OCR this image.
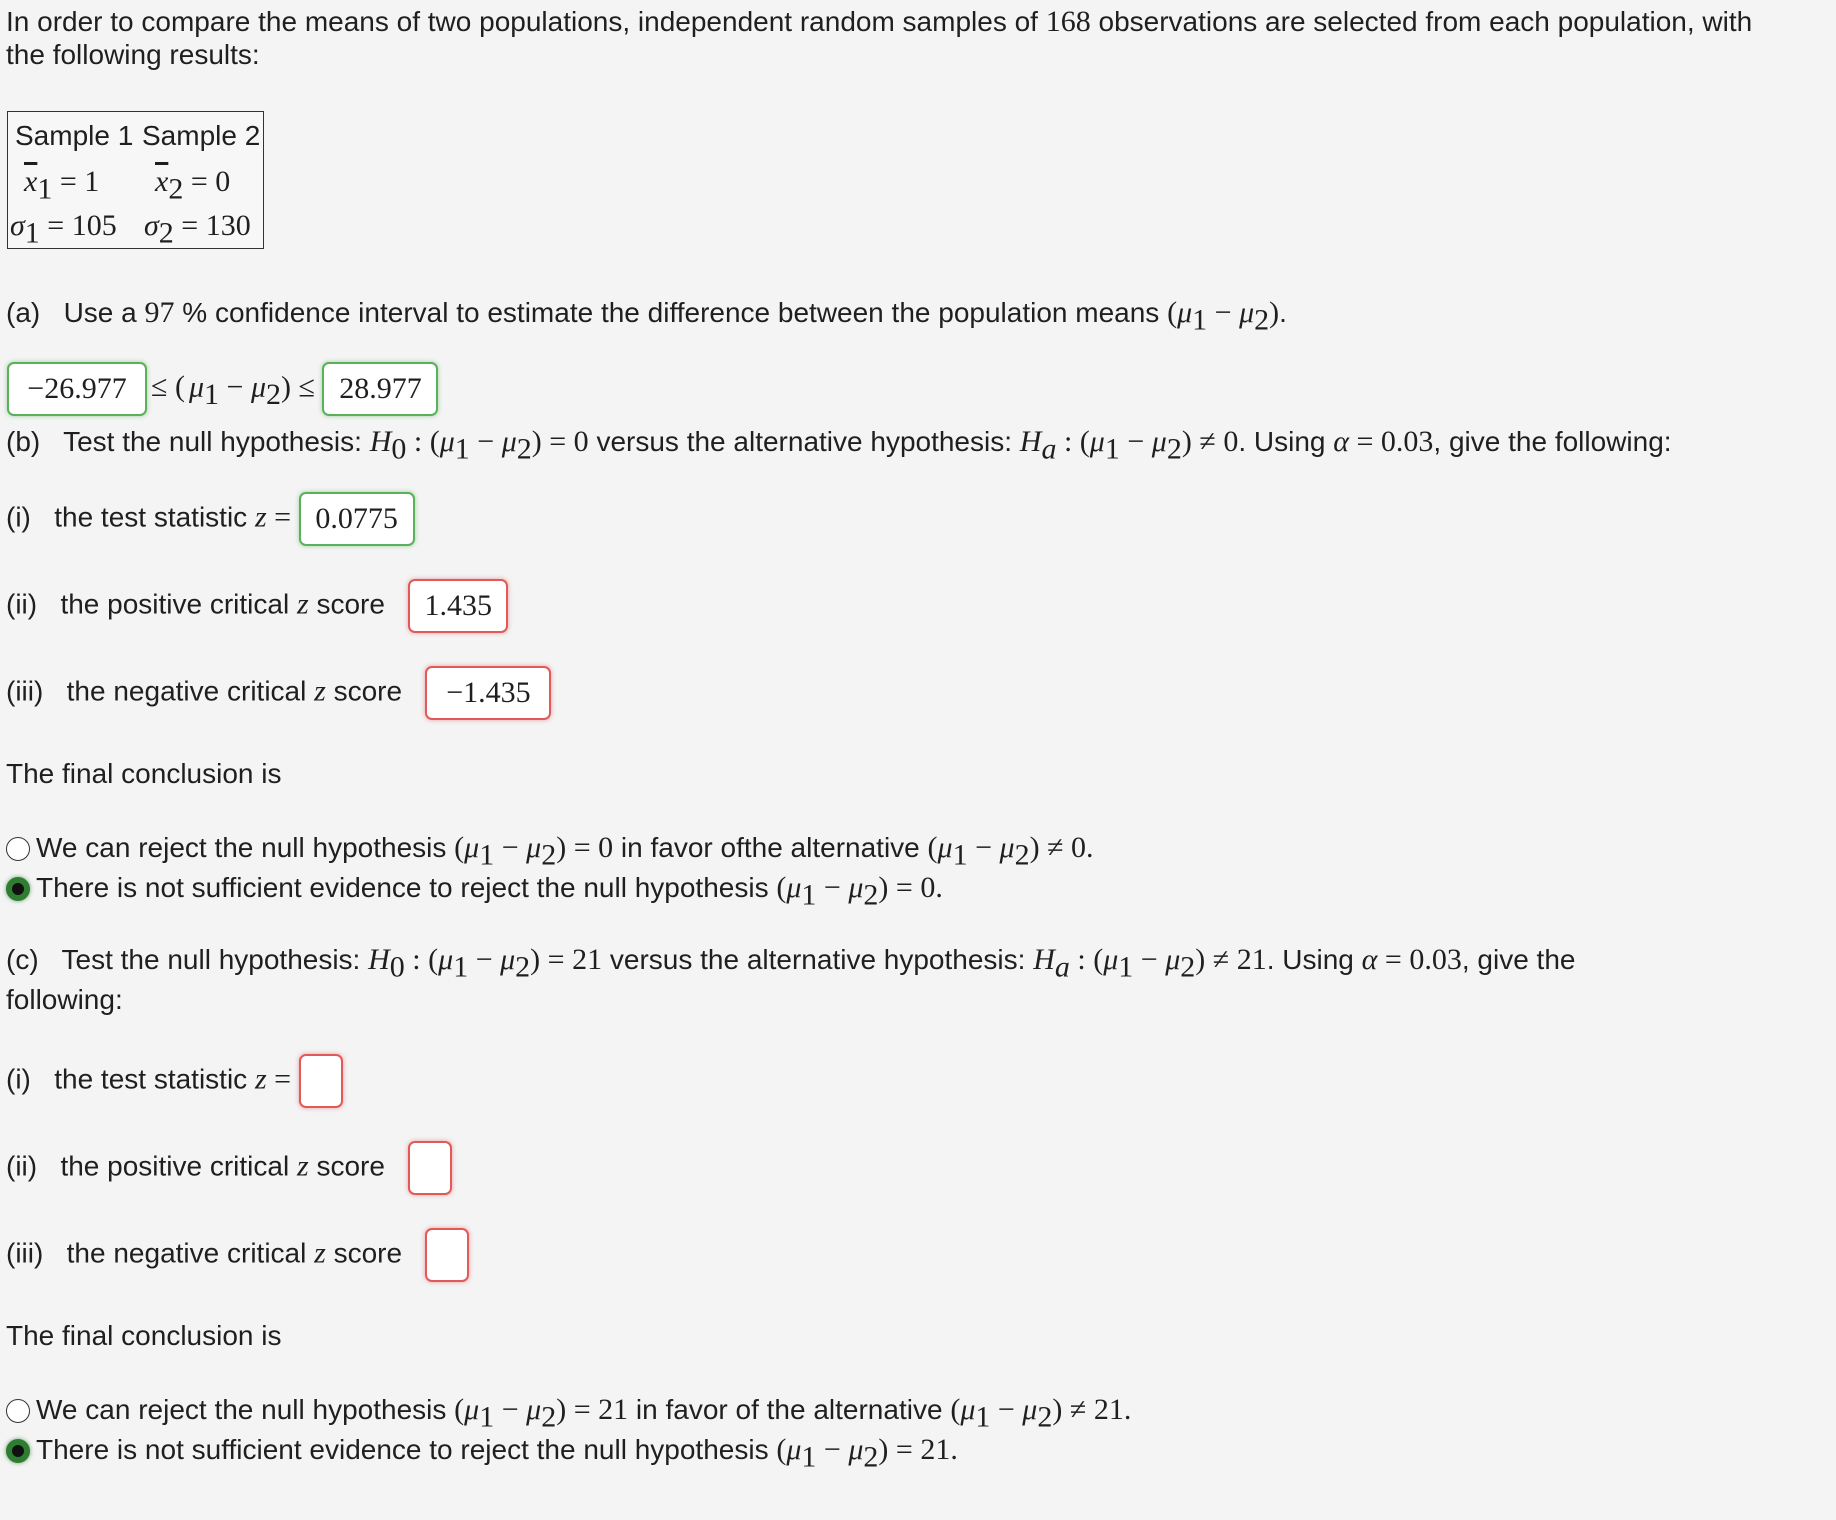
In order to compare the means of two populations, independent random samples of 168 observations are selected from each population, with
the following results:
Sample 1 Sample 2
$\overline{x}_1 = 1$ $\overline{x}_2 = 0$
$\sigma_1 = 105$ $\sigma_2 = 130$
(a) Use a 97 % confidence interval to estimate the difference between the population means $(\mu_1 - \mu_2)$.
−26.977 ≤ ( $\mu_1 - \mu_2) \le 28.977$
(b) Test the null hypothesis: $H_0$ : $(\mu_1 - \mu_2) = 0$ versus the alternative hypothesis: $H_a$ : $(\mu_1 - \mu_2) \ne 0$. Using α = 0.03, give the following:
(i) the test statistic z = 0.0775
(ii) the positive critical z score 1.435
(iii) the negative critical z score −1.435
The final conclusion is
We can reject the null hypothesis $(\mu_1 - \mu_2) = 0$ in favor ofthe alternative $(\mu_1 - \mu_2) \ne 0$.
There is not sufficient evidence to reject the null hypothesis $(\mu_1 - \mu_2) = 0$.
(c) Test the null hypothesis: $H_0$ : $(\mu_1 - \mu_2) = 21$ versus the alternative hypothesis: $H_a$ : $(\mu_1 - \mu_2) \ne 21$. Using α = 0.03, give the
following:
(i) the test statistic z =
(ii) the positive critical z score
(iii) the negative critical z score
The final conclusion is
We can reject the null hypothesis $(\mu_1 - \mu_2) = 21$ in favor of the alternative $(\mu_1 - \mu_2) \ne 21$.
There is not sufficient evidence to reject the null hypothesis $(\mu_1 - \mu_2) = 21$.
